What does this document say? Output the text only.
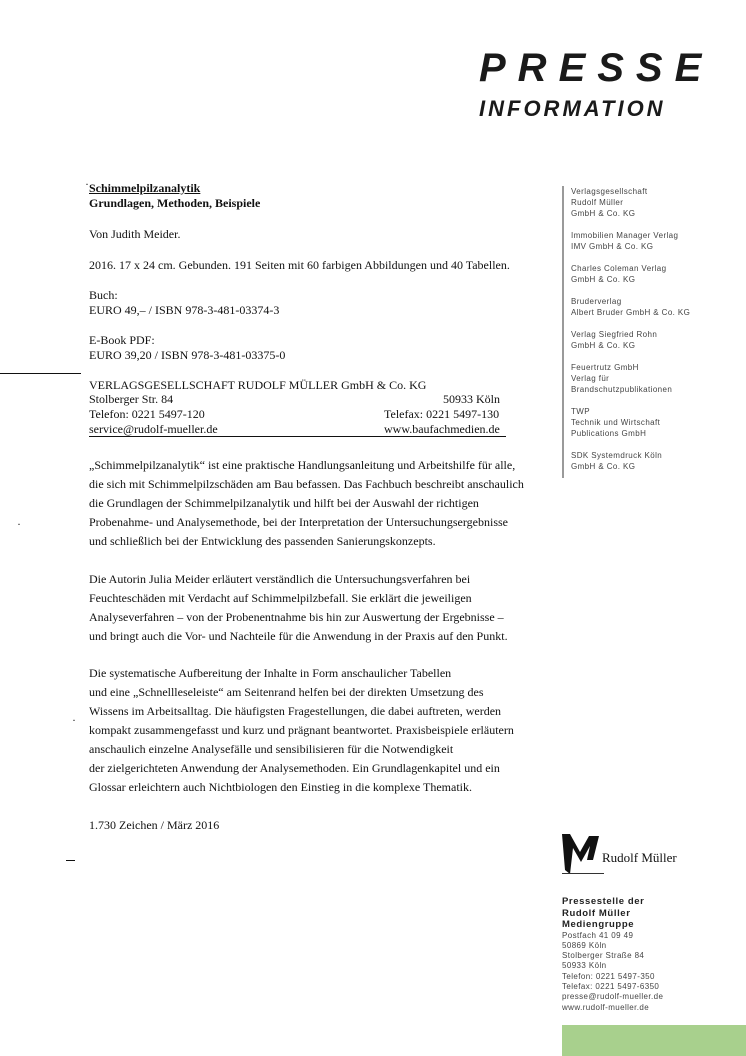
PRESSE
INFORMATION
·
·
·
Schimmelpilzanalytik
Grundlagen, Methoden, Beispiele
Von Judith Meider.
2016. 17 x 24 cm. Gebunden. 191 Seiten mit 60 farbigen Abbildungen und 40 Tabellen.
Buch:
EURO 49,– / ISBN 978-3-481-03374-3
E-Book PDF:
EURO 39,20 / ISBN 978-3-481-03375-0
VERLAGSGESELLSCHAFT RUDOLF MÜLLER GmbH & Co. KG
Stolberger Str. 84	50933 Köln
Telefon: 0221 5497-120	Telefax: 0221 5497-130
service@rudolf-mueller.de	www.baufachmedien.de

„Schimmelpilzanalytik“ ist eine praktische Handlungsanleitung und Arbeitshilfe für alle,

die sich mit Schimmelpilzschäden am Bau befassen. Das Fachbuch beschreibt anschaulich

die Grundlagen der Schimmelpilzanalytik und hilft bei der Auswahl der richtigen

Probenahme- und Analysemethode, bei der Interpretation der Untersuchungsergebnisse

und schließlich bei der Entwicklung des passenden Sanierungskonzepts.

Die Autorin Julia Meider erläutert verständlich die Untersuchungsverfahren bei

Feuchteschäden mit Verdacht auf Schimmelpilzbefall. Sie erklärt die jeweiligen

Analyseverfahren – von der Probenentnahme bis hin zur Auswertung der Ergebnisse –

und bringt auch die Vor- und Nachteile für die Anwendung in der Praxis auf den Punkt.

Die systematische Aufbereitung der Inhalte in Form anschaulicher Tabellen

und eine „Schnellleseleiste“ am Seitenrand helfen bei der direkten Umsetzung des

Wissens im Arbeitsalltag. Die häufigsten Fragestellungen, die dabei auftreten, werden

kompakt zusammengefasst und kurz und prägnant beantwortet. Praxisbeispiele erläutern

anschaulich einzelne Analysefälle und sensibilisieren für die Notwendigkeit

der zielgerichteten Anwendung der Analysemethoden. Ein Grundlagenkapitel und ein

Glossar erleichtern auch Nichtbiologen den Einstieg in die komplexe Thematik.

1.730 Zeichen / März 2016
Verlagsgesellschaft
Rudolf Müller
GmbH & Co. KG
Immobilien Manager Verlag
IMV GmbH & Co. KG
Charles Coleman Verlag
GmbH & Co. KG
Bruderverlag
Albert Bruder GmbH & Co. KG
Verlag Siegfried Rohn
GmbH & Co. KG
Feuertrutz GmbH
Verlag für
Brandschutzpublikationen
TWP
Technik und Wirtschaft
Publications GmbH
SDK Systemdruck Köln
GmbH & Co. KG
Rudolf Müller
Pressestelle der
Rudolf Müller
Mediengruppe
Postfach 41 09 49
50869 Köln
Stolberger Straße 84
50933 Köln
Telefon: 0221 5497-350
Telefax: 0221 5497-6350
presse@rudolf-mueller.de
www.rudolf-mueller.de
